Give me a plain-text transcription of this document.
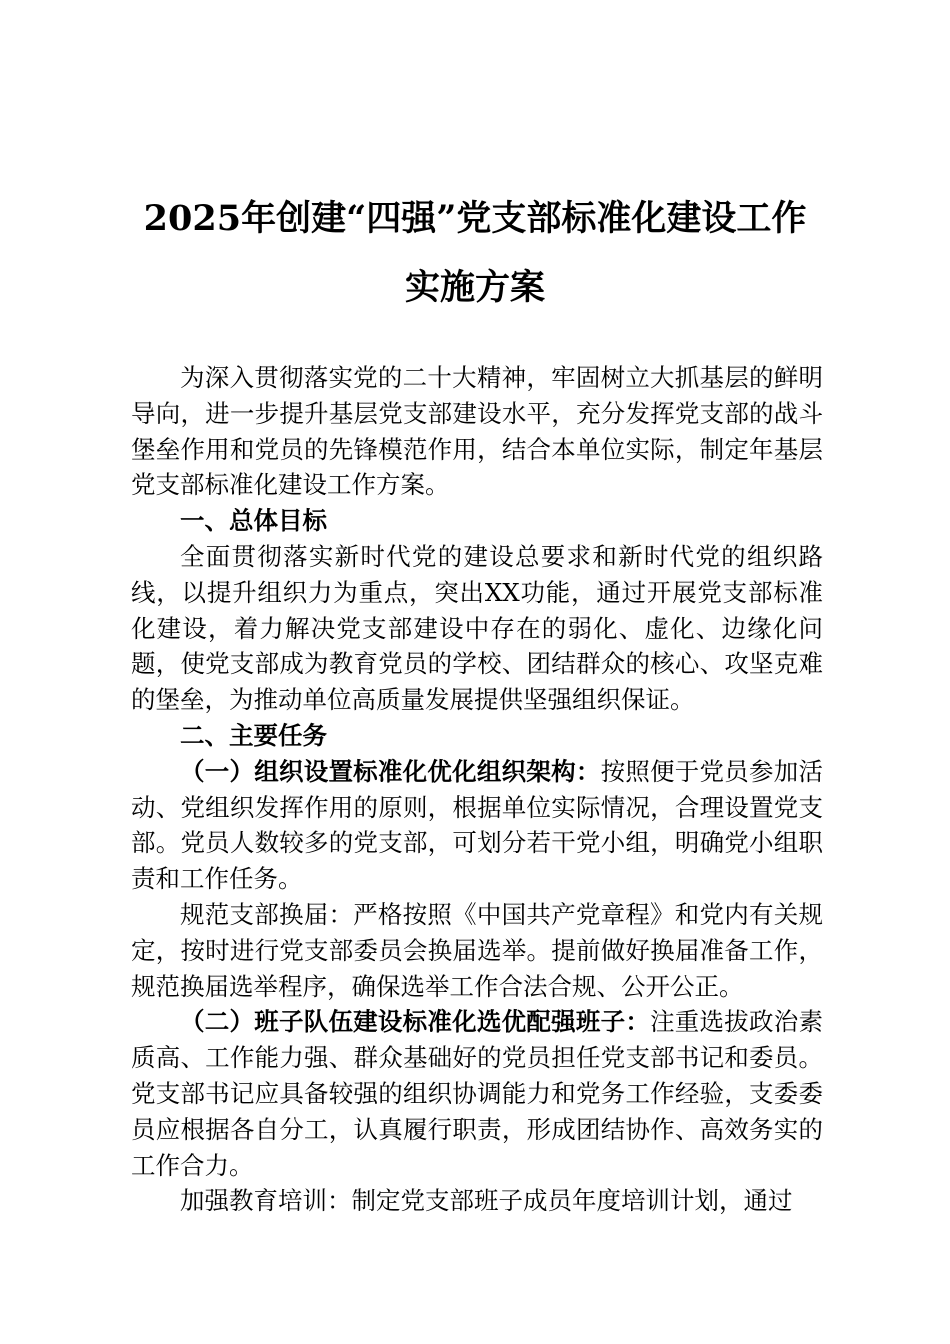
2025年创建“四强”党支部标准化建设工作
实施方案

为深入贯彻落实党的二十大精神，牢固树立大抓基层的鲜明导向，进一步提升基层党支部建设水平，充分发挥党支部的战斗堡垒作用和党员的先锋模范作用，结合本单位实际，制定年基层党支部标准化建设工作方案。

一、总体目标

全面贯彻落实新时代党的建设总要求和新时代党的组织路线，以提升组织力为重点，突出XX功能，通过开展党支部标准化建设，着力解决党支部建设中存在的弱化、虚化、边缘化问题，使党支部成为教育党员的学校、团结群众的核心、攻坚克难的堡垒，为推动单位高质量发展提供坚强组织保证。

二、主要任务

（一）组织设置标准化优化组织架构：按照便于党员参加活动、党组织发挥作用的原则，根据单位实际情况，合理设置党支部。党员人数较多的党支部，可划分若干党小组，明确党小组职责和工作任务。

规范支部换届：严格按照《中国共产党章程》和党内有关规定，按时进行党支部委员会换届选举。提前做好换届准备工作，规范换届选举程序，确保选举工作合法合规、公开公正。

（二）班子队伍建设标准化选优配强班子：注重选拔政治素质高、工作能力强、群众基础好的党员担任党支部书记和委员。党支部书记应具备较强的组织协调能力和党务工作经验，支委委员应根据各自分工，认真履行职责，形成团结协作、高效务实的工作合力。

加强教育培训：制定党支部班子成员年度培训计划，通过
